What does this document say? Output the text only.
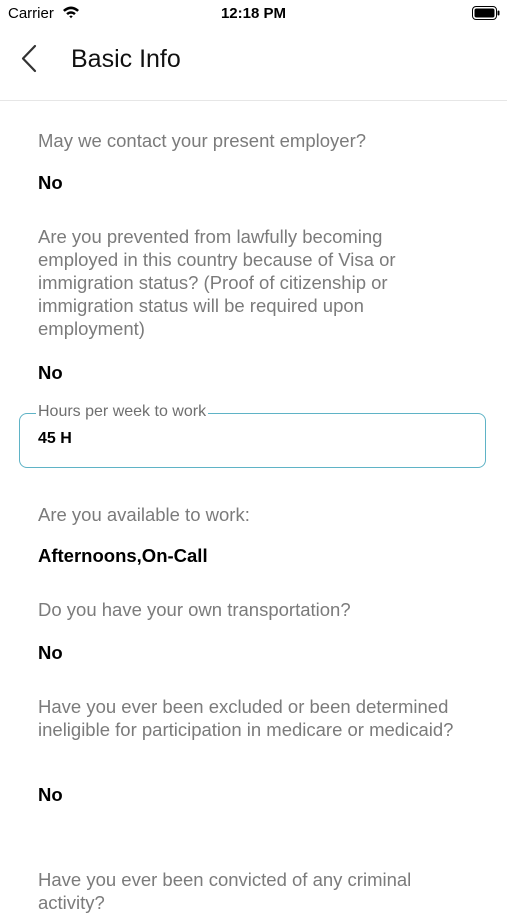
Carrier	12:18 PM
Basic Info
May we contact your present employer?
No
Are you prevented from lawfully becoming employed in this country because of Visa or immigration status? (Proof of citizenship or immigration status will be required upon employment)
No
Hours per week to work
45 H
Are you available to work:
Afternoons,On-Call
Do you have your own transportation?
No
Have you ever been excluded or been determined ineligible for participation in medicare or medicaid?
No
Have you ever been convicted of any criminal activity?
